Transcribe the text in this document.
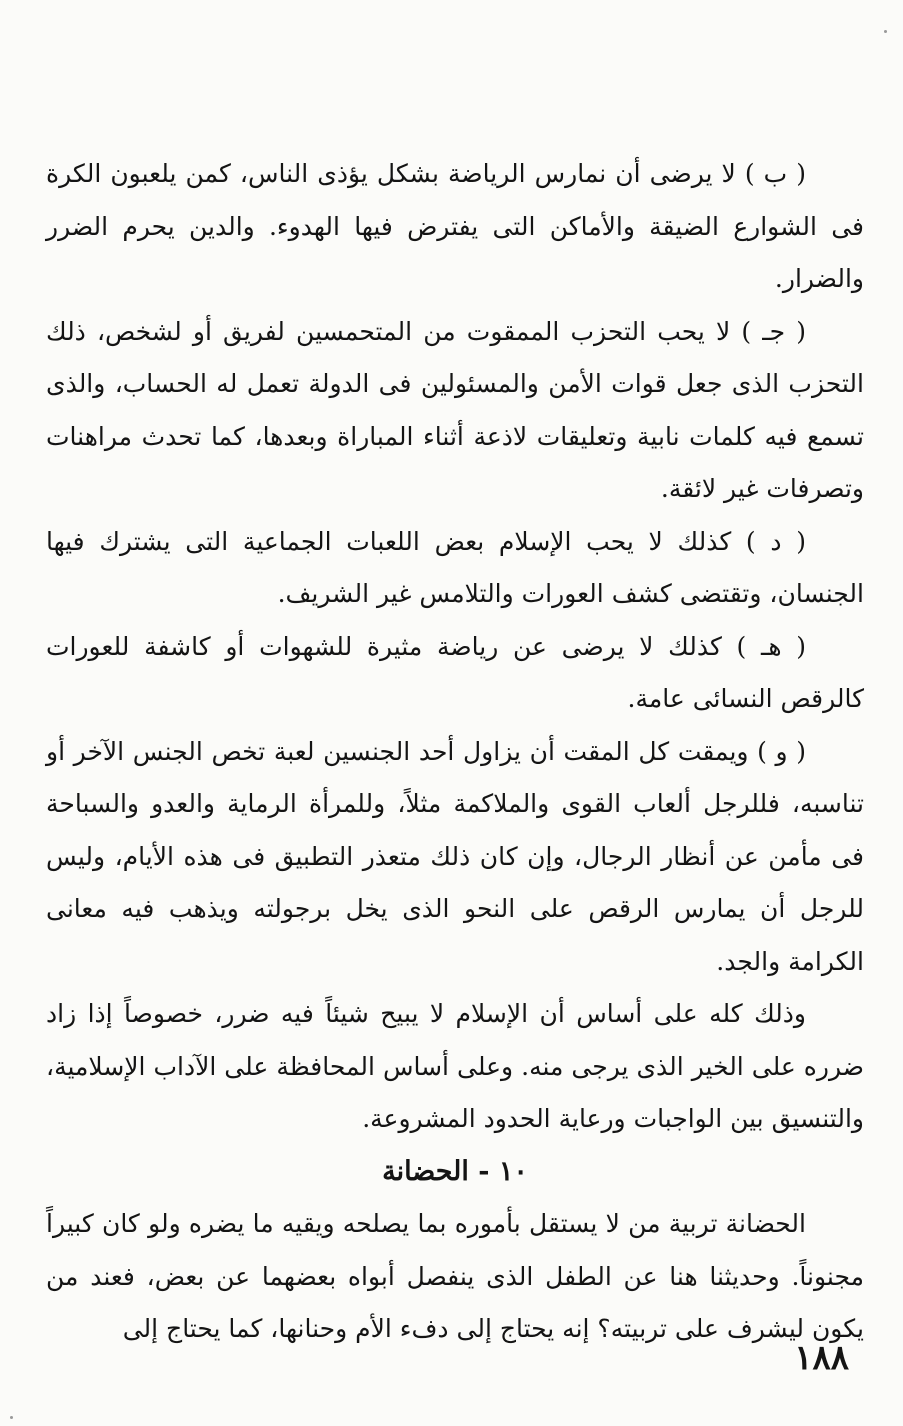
( ب ) لا يرضى أن نمارس الرياضة بشكل يؤذى الناس، كمن يلعبون الكرة فى الشوارع الضيقة والأماكن التى يفترض فيها الهدوء. والدين يحرم الضرر والضرار.

( جـ ) لا يحب التحزب الممقوت من المتحمسين لفريق أو لشخص، ذلك التحزب الذى جعل قوات الأمن والمسئولين فى الدولة تعمل له الحساب، والذى تسمع فيه كلمات نابية وتعليقات لاذعة أثناء المباراة وبعدها، كما تحدث مراهنات وتصرفات غير لائقة.

( د ) كذلك لا يحب الإسلام بعض اللعبات الجماعية التى يشترك فيها الجنسان، وتقتضى كشف العورات والتلامس غير الشريف.

( هـ ) كذلك لا يرضى عن رياضة مثيرة للشهوات أو كاشفة للعورات كالرقص النسائى عامة.

( و ) ويمقت كل المقت أن يزاول أحد الجنسين لعبة تخص الجنس الآخر أو تناسبه، فللرجل ألعاب القوى والملاكمة مثلاً، وللمرأة الرماية والعدو والسباحة فى مأمن عن أنظار الرجال، وإن كان ذلك متعذر التطبيق فى هذه الأيام، وليس للرجل أن يمارس الرقص على النحو الذى يخل برجولته ويذهب فيه معانى الكرامة والجد.

وذلك كله على أساس أن الإسلام لا يبيح شيئاً فيه ضرر، خصوصاً إذا زاد ضرره على الخير الذى يرجى منه. وعلى أساس المحافظة على الآداب الإسلامية، والتنسيق بين الواجبات ورعاية الحدود المشروعة.

١٠ - الحضانة

الحضانة تربية من لا يستقل بأموره بما يصلحه ويقيه ما يضره ولو كان كبيراً مجنوناً. وحديثنا هنا عن الطفل الذى ينفصل أبواه بعضهما عن بعض، فعند من يكون ليشرف على تربيته؟ إنه يحتاج إلى دفء الأم وحنانها، كما يحتاج إلى

١٨٨
